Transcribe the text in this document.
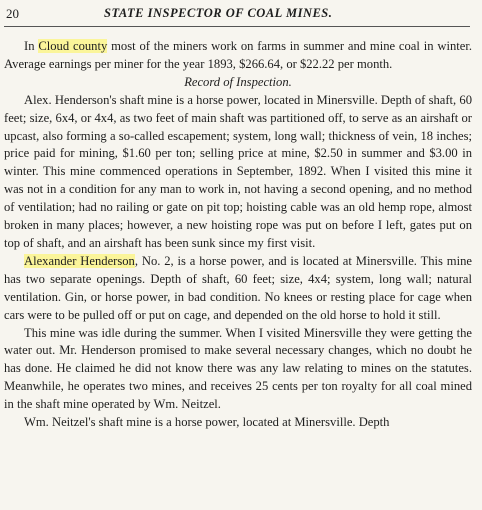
20	STATE INSPECTOR OF COAL MINES.

In Cloud county most of the miners work on farms in summer and mine coal in winter. Average earnings per miner for the year 1893, $266.64, or $22.22 per month.

Record of Inspection.

Alex. Henderson's shaft mine is a horse power, located in Minersville. Depth of shaft, 60 feet; size, 6x4, or 4x4, as two feet of main shaft was partitioned off, to serve as an airshaft or upcast, also forming a so-called escapement; system, long wall; thickness of vein, 18 inches; price paid for mining, $1.60 per ton; selling price at mine, $2.50 in summer and $3.00 in winter. This mine commenced operations in September, 1892. When I visited this mine it was not in a condition for any man to work in, not having a second opening, and no method of ventilation; had no railing or gate on pit top; hoisting cable was an old hemp rope, almost broken in many places; however, a new hoisting rope was put on before I left, gates put on top of shaft, and an airshaft has been sunk since my first visit.

Alexander Henderson, No. 2, is a horse power, and is located at Minersville. This mine has two separate openings. Depth of shaft, 60 feet; size, 4x4; system, long wall; natural ventilation. Gin, or horse power, in bad condition. No knees or resting place for cage when cars were to be pulled off or put on cage, and depended on the old horse to hold it still.

This mine was idle during the summer. When I visited Minersville they were getting the water out. Mr. Henderson promised to make several necessary changes, which no doubt he has done. He claimed he did not know there was any law relating to mines on the statutes. Meanwhile, he operates two mines, and receives 25 cents per ton royalty for all coal mined in the shaft mine operated by Wm. Neitzel.

Wm. Neitzel's shaft mine is a horse power, located at Minersville. Depth
